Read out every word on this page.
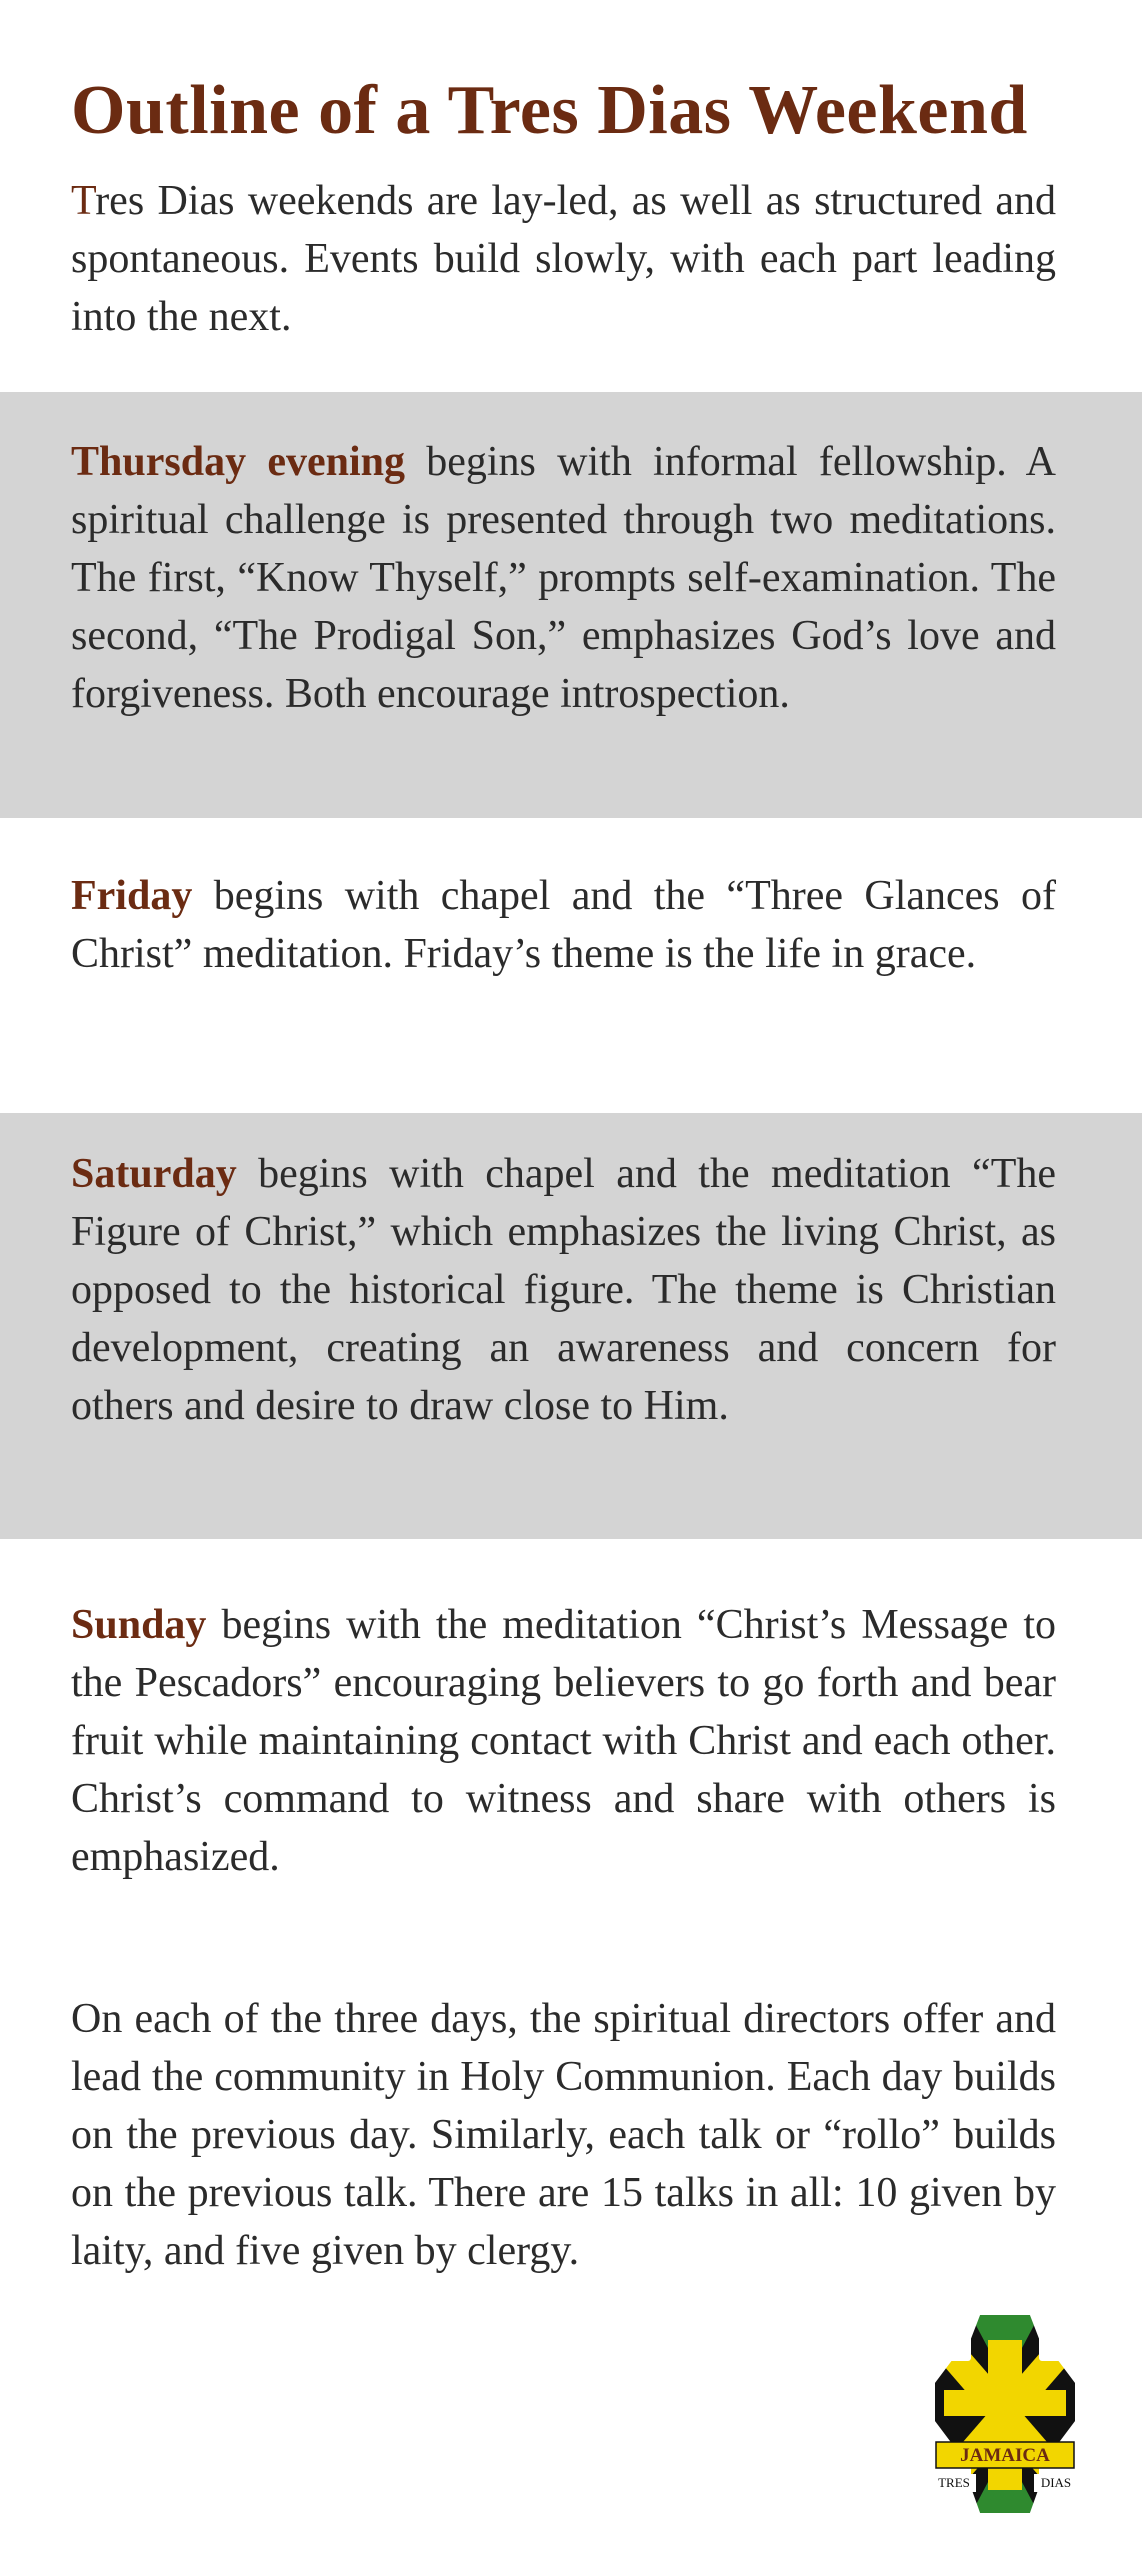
Outline of a Tres Dias Weekend

Tres Dias weekends are lay-led, as well as structured and spontaneous. Events build slowly, with each part leading into the next.

Thursday evening begins with informal fellowship. A spiritual challenge is presented through two meditations. The first, “Know Thyself,” prompts self-examination. The second, “The Prodigal Son,” emphasizes God’s love and forgiveness. Both encourage introspection.

Friday begins with chapel and the “Three Glances of Christ” meditation. Friday’s theme is the life in grace.

Saturday begins with chapel and the meditation “The Figure of Christ,” which emphasizes the living Christ, as opposed to the historical figure. The theme is Christian development, creating an awareness and concern for others and desire to draw close to Him.

Sunday begins with the meditation “Christ’s Message to the Pescadors” encouraging believers to go forth and bear fruit while maintaining contact with Christ and each other. Christ’s command to witness and share with others is emphasized.

On each of the three days, the spiritual directors offer and lead the community in Holy Communion. Each day builds on the previous day. Similarly, each talk or “rollo” builds on the previous talk. There are 15 talks in all: 10 given by laity, and five given by clergy.

JAMAICA
TRES	DIAS
